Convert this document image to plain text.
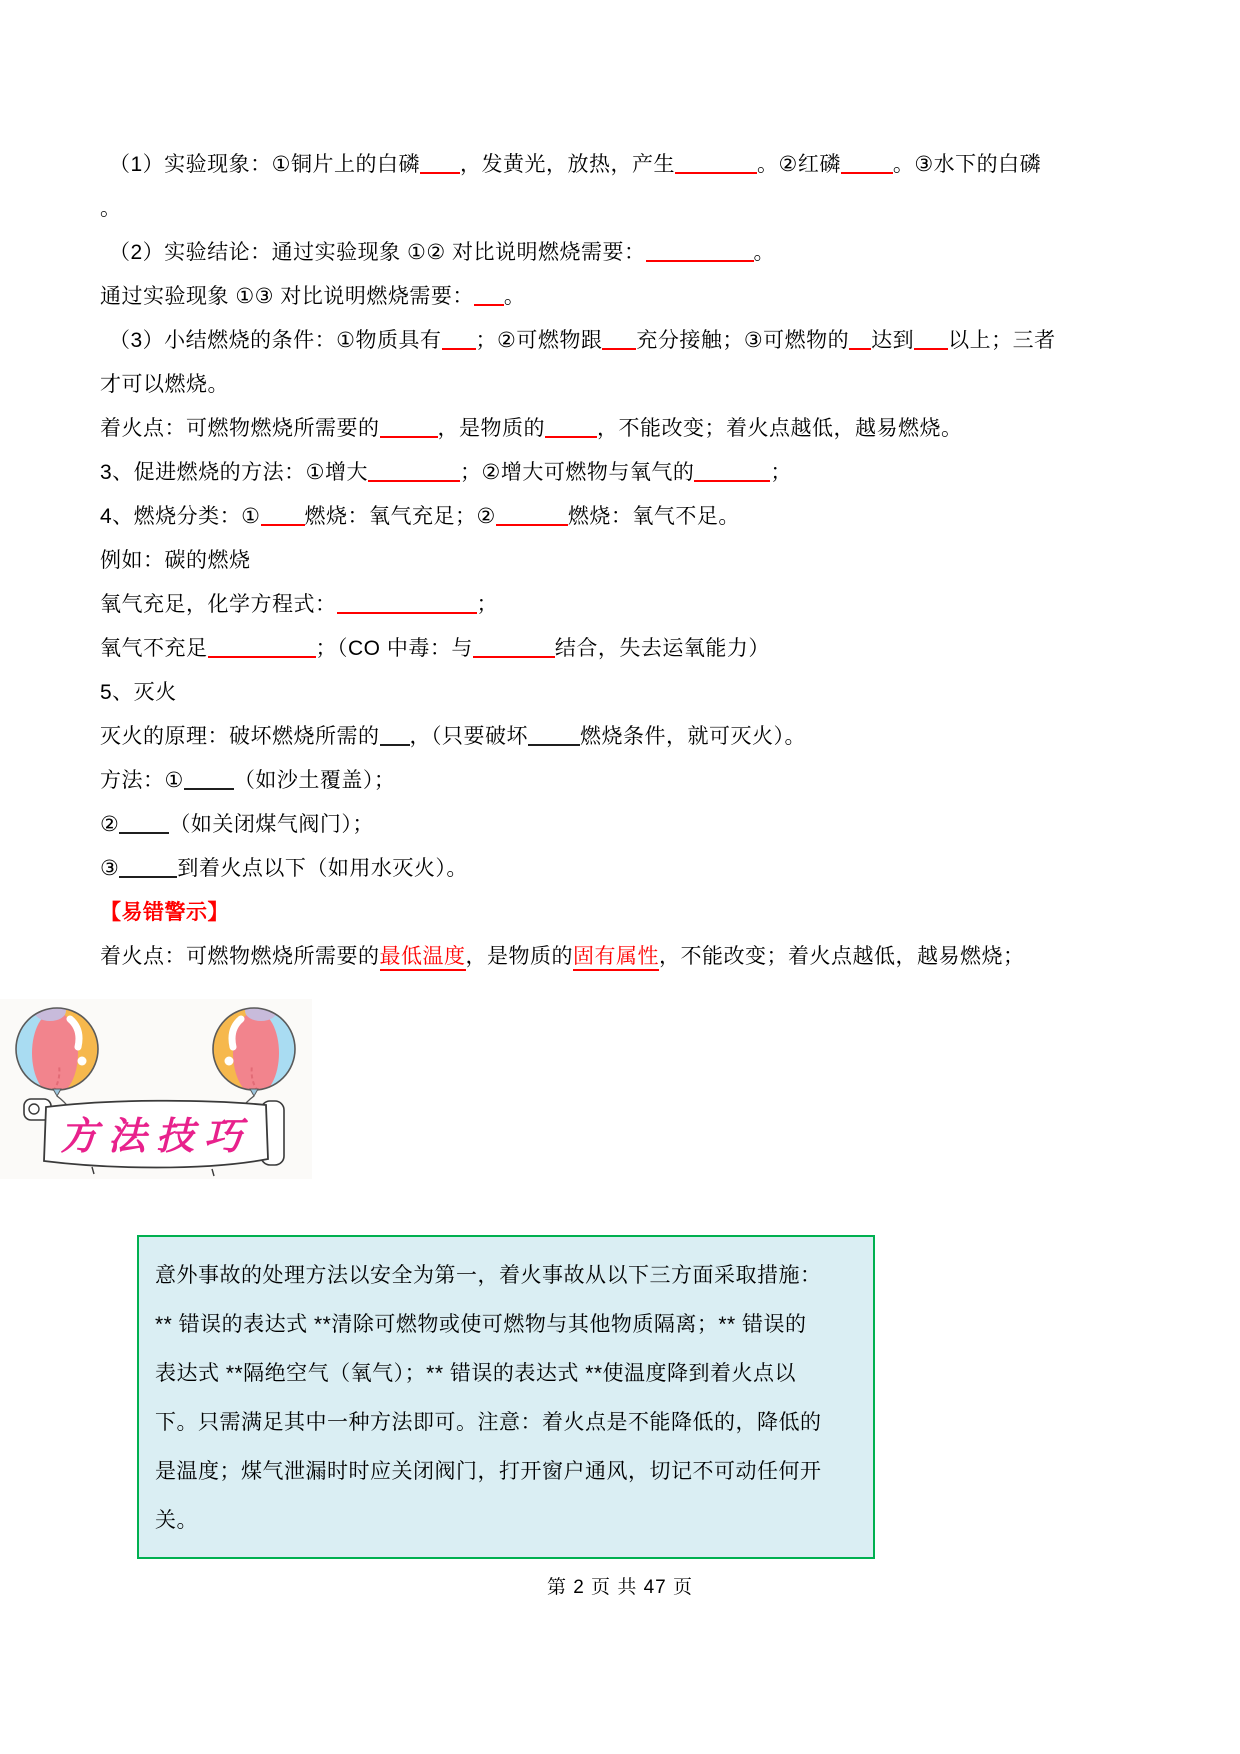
（1）实验现象：①铜片上的白磷 ，发黄光，放热，产生	。②红磷 。③水下的白磷
。
（2）实验结论：通过实验现象 ①② 对比说明燃烧需要：	。
通过实验现象 ①③ 对比说明燃烧需要： 。
（3）小结燃烧的条件：①物质具有 ；②可燃物跟 充分接触；③可燃物的 达到 以上；三者
才可以燃烧。
着火点：可燃物燃烧所需要的	，是物质的 ，不能改变；着火点越低，越易燃烧。
3、促进燃烧的方法：①增大	；②增大可燃物与氧气的	；
4、燃烧分类：① 燃烧：氧气充足；②	燃烧：氧气不足。
例如：碳的燃烧
氧气充足，化学方程式：	；
氧气不充足	；（CO 中毒：与	结合，失去运氧能力）
5、灭火
灭火的原理：破坏燃烧所需的 ，（只要破坏 燃烧条件，就可灭火）。
方法：① （如沙土覆盖）；
② （如关闭煤气阀门）；
③	到着火点以下（如用水灭火）。
【易错警示】
着火点：可燃物燃烧所需要的最低温度，是物质的固有属性，不能改变；着火点越低，越易燃烧；
方法技巧
意外事故的处理方法以安全为第一，着火事故从以下三方面采取措施：
** 错误的表达式 **清除可燃物或使可燃物与其他物质隔离；** 错误的
表达式 **隔绝空气（氧气）；** 错误的表达式 **使温度降到着火点以
下。只需满足其中一种方法即可。注意：着火点是不能降低的，降低的
是温度；煤气泄漏时时应关闭阀门，打开窗户通风，切记不可动任何开
关。
第 2 页 共 47 页
